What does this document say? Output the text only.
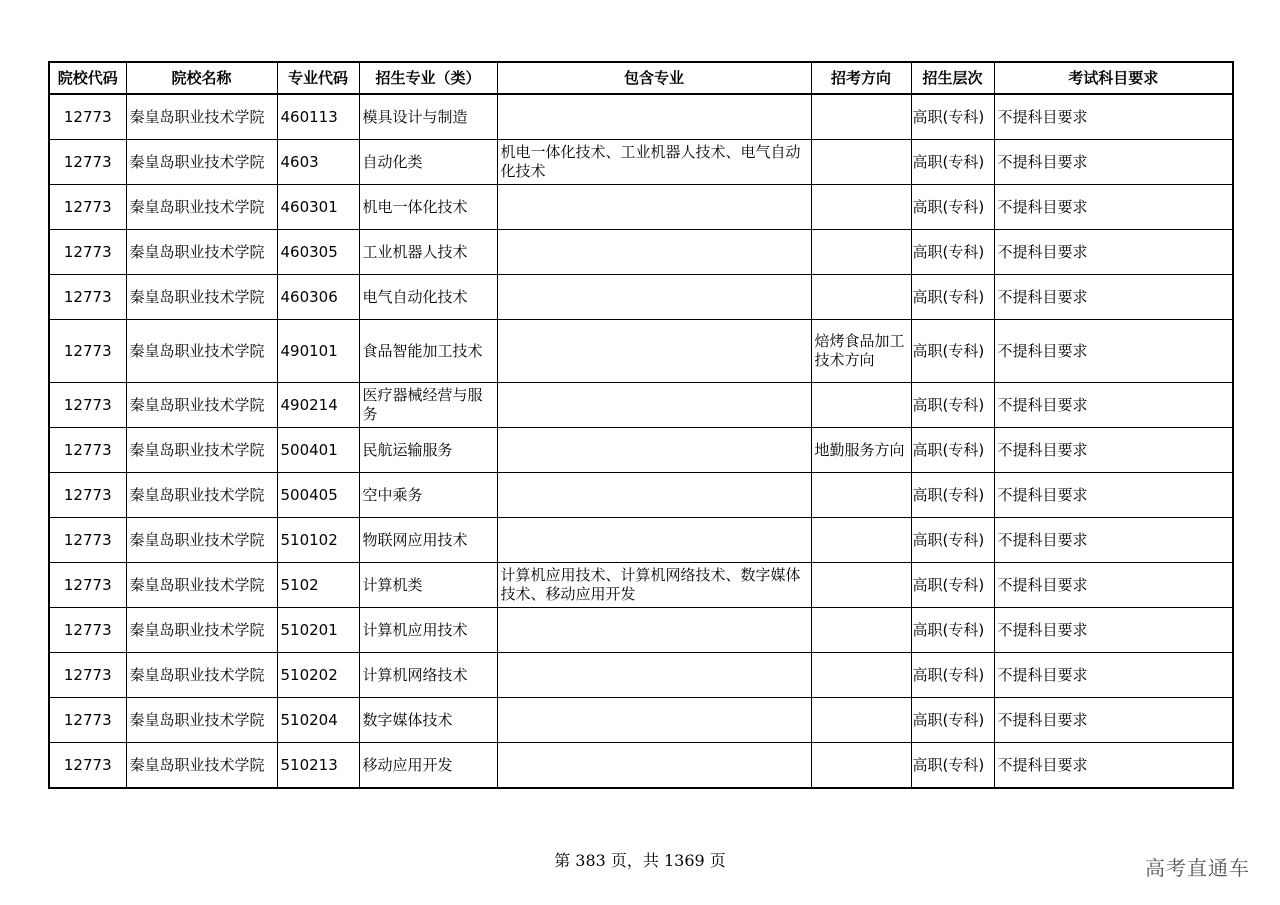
院校代码	院校名称	专业代码	招生专业（类）	包含专业	招考方向	招生层次	考试科目要求
12773	秦皇岛职业技术学院	460113	模具设计与制造			高职(专科)	不提科目要求
12773	秦皇岛职业技术学院	4603	自动化类	机电一体化技术、工业机器人技术、电气自动化技术		高职(专科)	不提科目要求
12773	秦皇岛职业技术学院	460301	机电一体化技术			高职(专科)	不提科目要求
12773	秦皇岛职业技术学院	460305	工业机器人技术			高职(专科)	不提科目要求
12773	秦皇岛职业技术学院	460306	电气自动化技术			高职(专科)	不提科目要求
12773	秦皇岛职业技术学院	490101	食品智能加工技术		焙烤食品加工技术方向	高职(专科)	不提科目要求
12773	秦皇岛职业技术学院	490214	医疗器械经营与服务			高职(专科)	不提科目要求
12773	秦皇岛职业技术学院	500401	民航运输服务		地勤服务方向	高职(专科)	不提科目要求
12773	秦皇岛职业技术学院	500405	空中乘务			高职(专科)	不提科目要求
12773	秦皇岛职业技术学院	510102	物联网应用技术			高职(专科)	不提科目要求
12773	秦皇岛职业技术学院	5102	计算机类	计算机应用技术、计算机网络技术、数字媒体技术、移动应用开发		高职(专科)	不提科目要求
12773	秦皇岛职业技术学院	510201	计算机应用技术			高职(专科)	不提科目要求
12773	秦皇岛职业技术学院	510202	计算机网络技术			高职(专科)	不提科目要求
12773	秦皇岛职业技术学院	510204	数字媒体技术			高职(专科)	不提科目要求
12773	秦皇岛职业技术学院	510213	移动应用开发			高职(专科)	不提科目要求
第 383 页，共 1369 页	高考直通车
